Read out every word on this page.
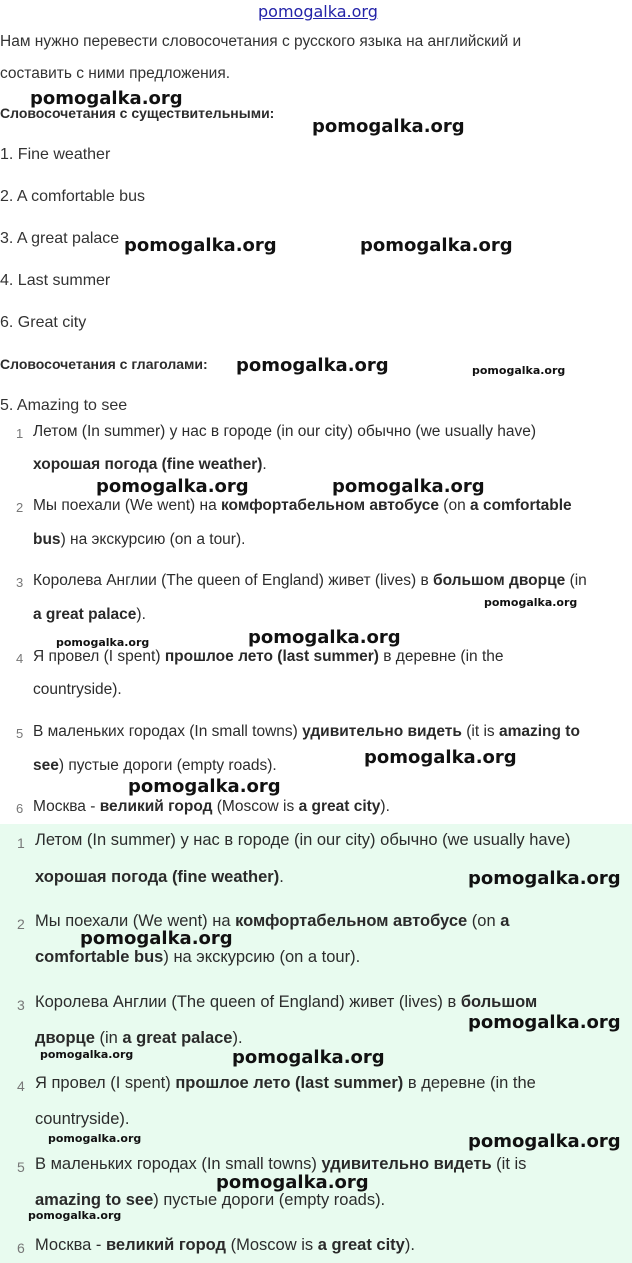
pomogalka.org
Нам нужно перевести словосочетания с русского языка на английский и
составить с ними предложения.
Словосочетания с существительными:
1. Fine weather
2. A comfortable bus
3. A great palace
4. Last summer
6. Great city
Словосочетания с глаголами:
5. Amazing to see
1 Летом (In summer) у нас в городе (in our city) обычно (we usually have)
хорошая погода (fine weather).
2 Мы поехали (We went) на комфортабельном автобусе (on a comfortable
bus) на экскурсию (on a tour).
3 Королева Англии (The queen of England) живет (lives) в большом дворце (in
a great palace).
4 Я провел (I spent) прошлое лето (last summer) в деревне (in the
countryside).
5 В маленьких городах (In small towns) удивительно видеть (it is amazing to
see) пустые дороги (empty roads).
6 Москва - великий город (Moscow is a great city).
1 Летом (In summer) у нас в городе (in our city) обычно (we usually have)
хорошая погода (fine weather).
2 Мы поехали (We went) на комфортабельном автобусе (on a
comfortable bus) на экскурсию (on a tour).
3 Королева Англии (The queen of England) живет (lives) в большом
дворце (in a great palace).
4 Я провел (I spent) прошлое лето (last summer) в деревне (in the
countryside).
5 В маленьких городах (In small towns) удивительно видеть (it is
amazing to see) пустые дороги (empty roads).
6 Москва - великий город (Moscow is a great city).
pomogalka.org
pomogalka.org
pomogalka.org	pomogalka.org
pomogalka.org	pomogalka.org
pomogalka.org	pomogalka.org
pomogalka.org
pomogalka.org
pomogalka.org
pomogalka.org
pomogalka.org
pomogalka.org
pomogalka.org
pomogalka.org
pomogalka.org	pomogalka.org
pomogalka.org	pomogalka.org
pomogalka.org
pomogalka.org
